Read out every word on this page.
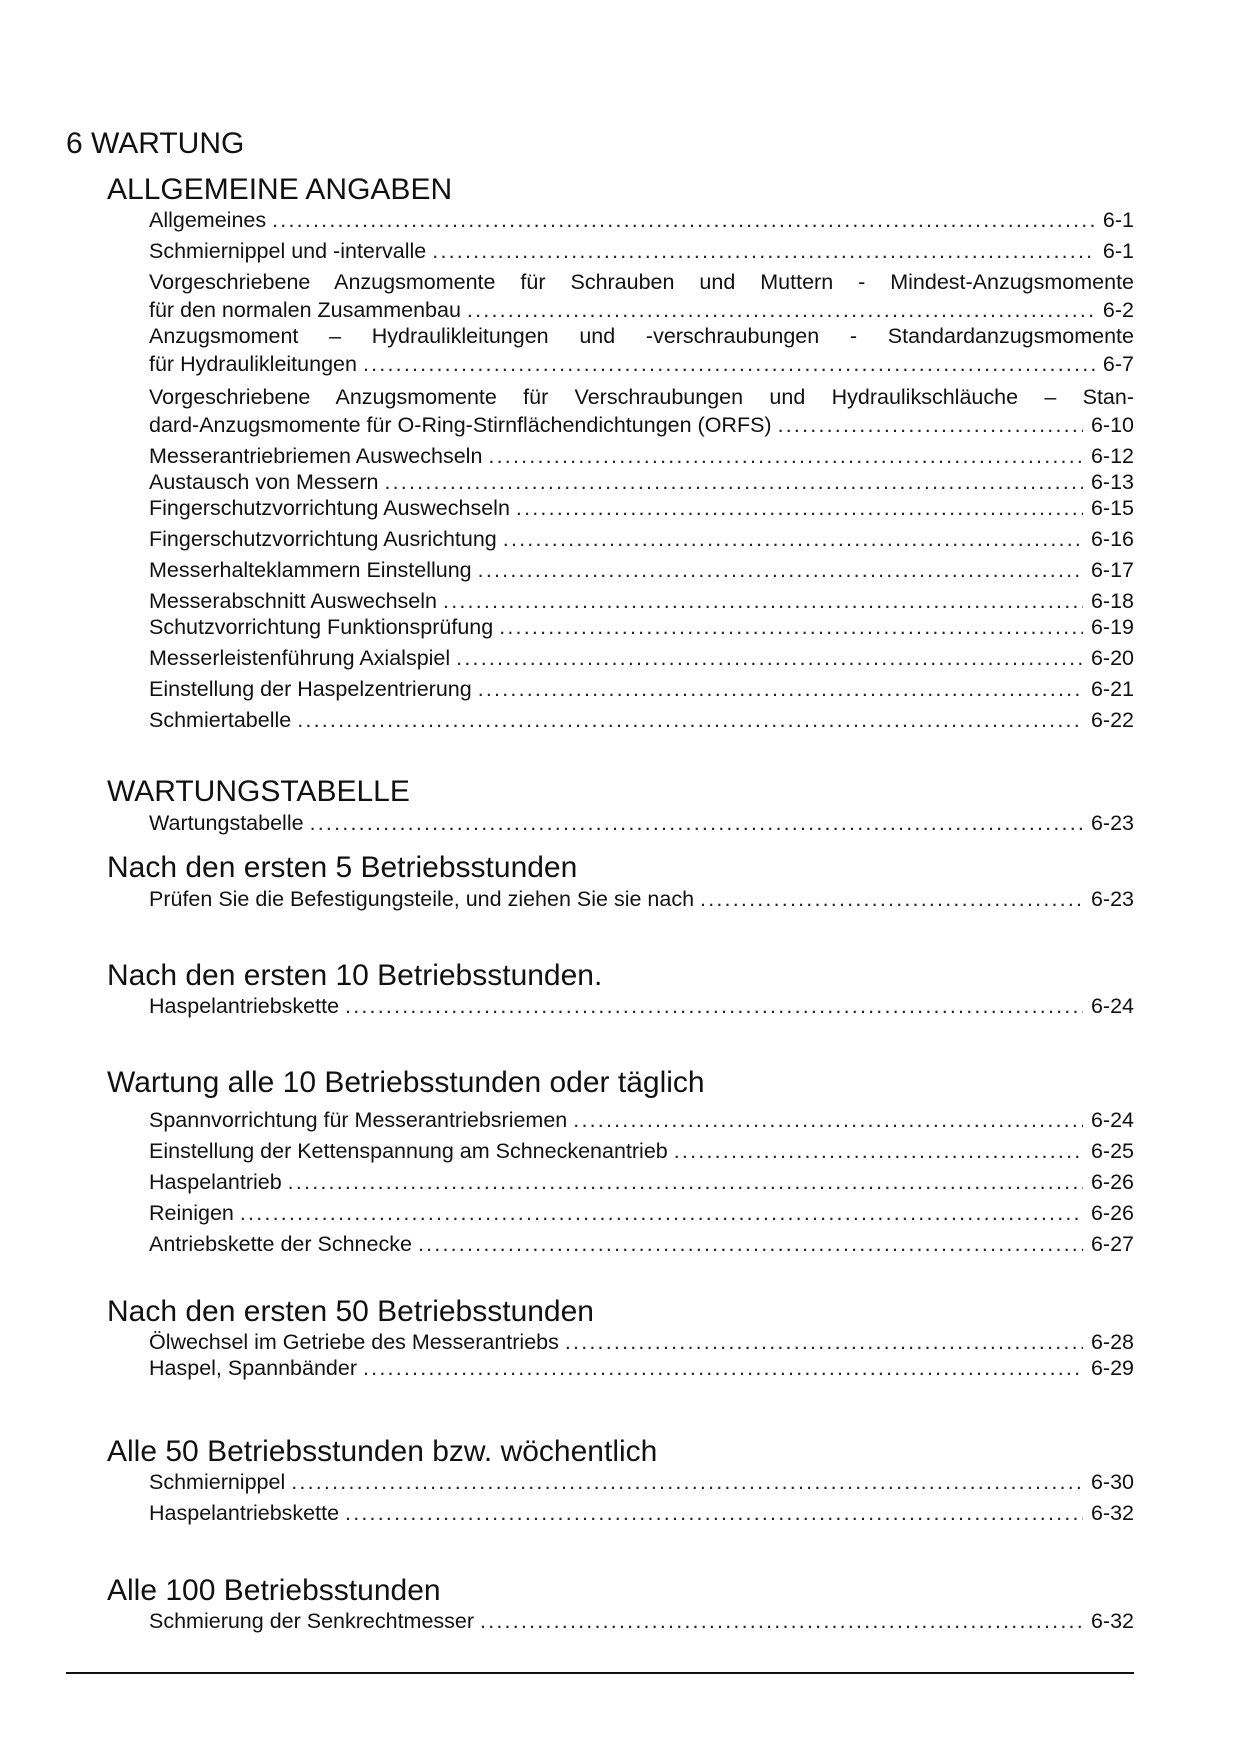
6 WARTUNG
ALLGEMEINE ANGABEN
Allgemeines .....	6-1
Schmiernippel und -intervalle .....	6-1
Vorgeschriebene Anzugsmomente für Schrauben und Muttern - Mindest-Anzugsmomente
für den normalen Zusammenbau .....	6-2
Anzugsmoment – Hydraulikleitungen und -verschraubungen - Standardanzugsmomente
für Hydraulikleitungen .....	6-7
Vorgeschriebene Anzugsmomente für Verschraubungen und Hydraulikschläuche – Stan-
dard-Anzugsmomente für O-Ring-Stirnflächendichtungen (ORFS) .....	6-10
Messerantriebriemen Auswechseln .....	6-12
Austausch von Messern .....	6-13
Fingerschutzvorrichtung Auswechseln .....	6-15
Fingerschutzvorrichtung Ausrichtung .....	6-16
Messerhalteklammern Einstellung .....	6-17
Messerabschnitt Auswechseln .....	6-18
Schutzvorrichtung Funktionsprüfung .....	6-19
Messerleistenführung Axialspiel .....	6-20
Einstellung der Haspelzentrierung .....	6-21
Schmiertabelle .....	6-22
WARTUNGSTABELLE
Wartungstabelle .....	6-23
Nach den ersten 5 Betriebsstunden
Prüfen Sie die Befestigungsteile, und ziehen Sie sie nach .....	6-23
Nach den ersten 10 Betriebsstunden.
Haspelantriebskette .....	6-24
Wartung alle 10 Betriebsstunden oder täglich
Spannvorrichtung für Messerantriebsriemen .....	6-24
Einstellung der Kettenspannung am Schneckenantrieb .....	6-25
Haspelantrieb .....	6-26
Reinigen .....	6-26
Antriebskette der Schnecke .....	6-27
Nach den ersten 50 Betriebsstunden
Ölwechsel im Getriebe des Messerantriebs .....	6-28
Haspel, Spannbänder .....	6-29
Alle 50 Betriebsstunden bzw. wöchentlich
Schmiernippel .....	6-30
Haspelantriebskette .....	6-32
Alle 100 Betriebsstunden
Schmierung der Senkrechtmesser .....	6-32
